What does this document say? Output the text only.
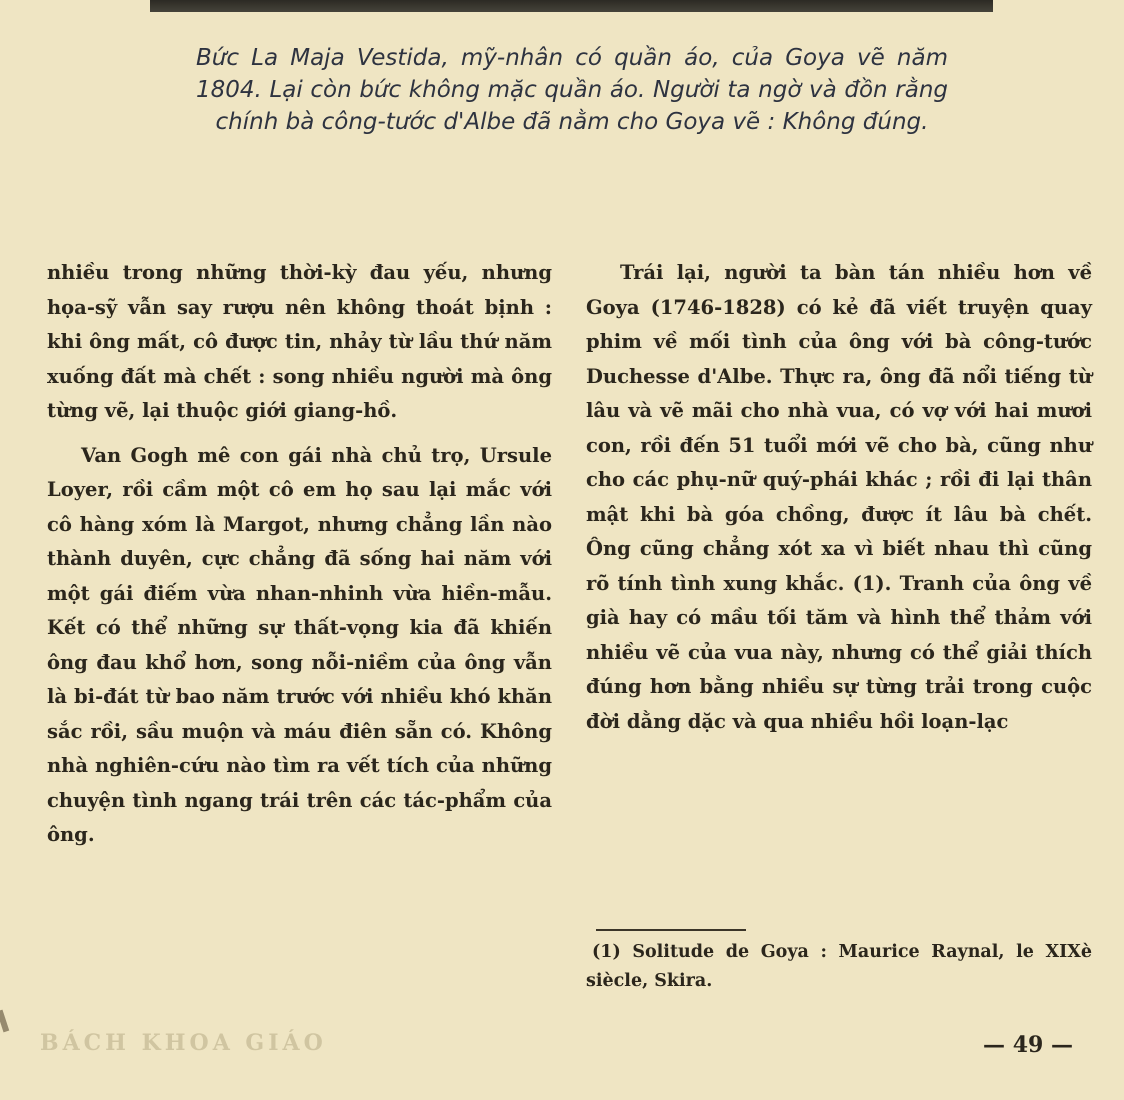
Bức La Maja Vestida, mỹ-nhân có quần áo, của Goya vẽ năm 1804. Lại còn bức không mặc quần áo. Người ta ngờ và đồn rằng chính bà công-tước d'Albe đã nằm cho Goya vẽ : Không đúng.

nhiều trong những thời-kỳ đau yếu, nhưng họa-sỹ vẫn say rượu nên không thoát bịnh : khi ông mất, cô được tin, nhảy từ lầu thứ năm xuống đất mà chết : song nhiều người mà ông từng vẽ, lại thuộc giới giang-hồ.

Van Gogh mê con gái nhà chủ trọ, Ursule Loyer, rồi cầm một cô em họ sau lại mắc với cô hàng xóm là Margot, nhưng chẳng lần nào thành duyên, cực chẳng đã sống hai năm với một gái điếm vừa nhan-nhinh vừa hiền-mẫu. Kết có thể những sự thất-vọng kia đã khiến ông đau khổ hơn, song nỗi-niềm của ông vẫn là bi-đát từ bao năm trước với nhiều khó khăn sắc rồi, sầu muộn và máu điên sẵn có. Không nhà nghiên-cứu nào tìm ra vết tích của những chuyện tình ngang trái trên các tác-phẩm của ông.

Trái lại, người ta bàn tán nhiều hơn về Goya (1746-1828) có kẻ đã viết truyện quay phim về mối tình của ông với bà công-tước Duchesse d'Albe. Thực ra, ông đã nổi tiếng từ lâu và vẽ mãi cho nhà vua, có vợ với hai mươi con, rồi đến 51 tuổi mới vẽ cho bà, cũng như cho các phụ-nữ quý-phái khác ; rồi đi lại thân mật khi bà góa chồng, được ít lâu bà chết. Ông cũng chẳng xót xa vì biết nhau thì cũng rõ tính tình xung khắc. (1). Tranh của ông về già hay có mầu tối tăm và hình thể thảm với nhiều vẽ của vua này, nhưng có thể giải thích đúng hơn bằng nhiều sự từng trải trong cuộc đời dằng dặc và qua nhiều hồi loạn-lạc

(1) Solitude de Goya : Maurice Raynal, le XIXè siècle, Skira.

BÁCH KHOA GIÁO	— 49 —
